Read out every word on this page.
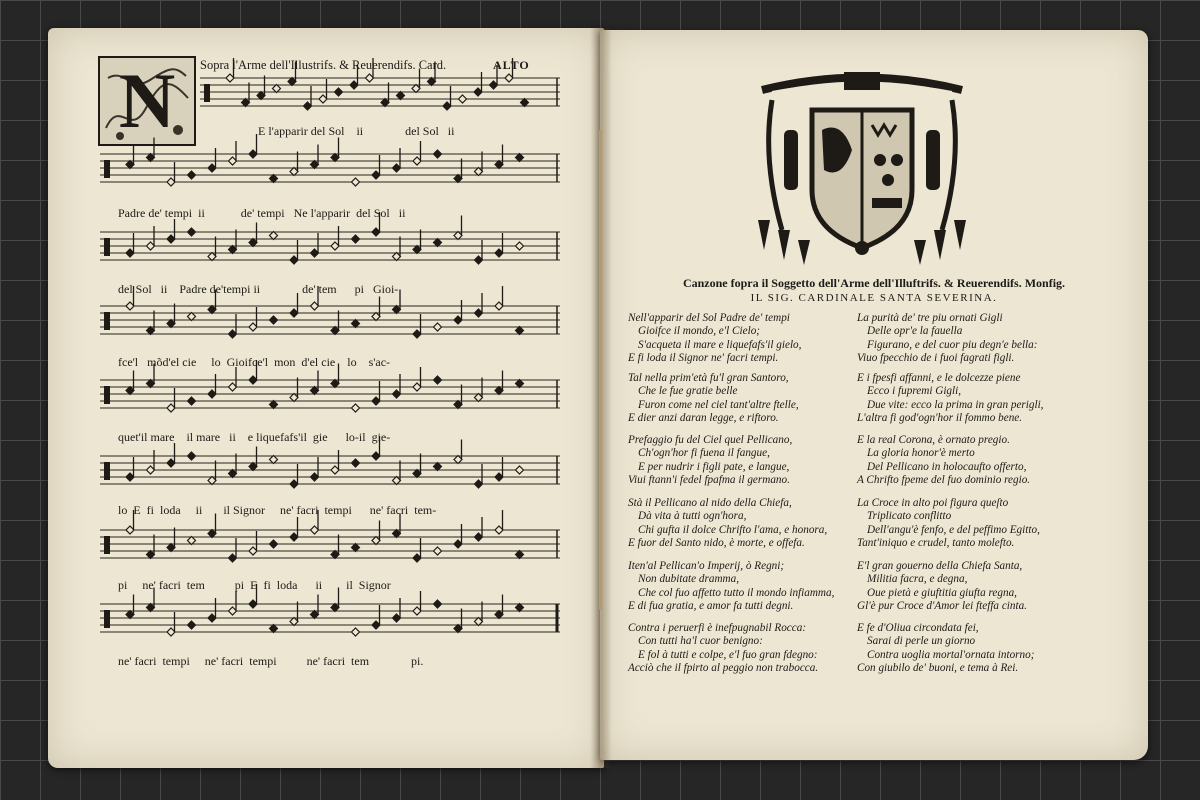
N	Sopra l'Arme dell'Illustrifs. & Reuerendifs. Card.	ALTO
E l'apparir del Sol    ii              del Sol   ii
Padre de' tempi  ii            de' tempi   Ne l'apparir  del Sol   ii
del Sol   ii    Padre de'tempi ii              de' tem      pi   Gioi-
fce'l   mõd'el cie     lo  Gioifce'l  mon  d'el cie    lo    s'ac-
quet'il mare    il mare   ii    e liquefafs'il  gie      lo-il  gie-
lo  E  fi  loda     ii       il Signor     ne' facri  tempi      ne' facri  tem-
pi     ne' facri  tem          pi  E  fi  loda      ii        il  Signor
ne' facri  tempi     ne' facri  tempi          ne' facri  tem              pi.
Canzone fopra il Soggetto dell'Arme dell'Illuftrifs. & Reuerendifs. Monfig.
IL SIG. CARDINALE SANTA SEVERINA.
Nell'apparir del Sol Padre de' tempi
Gioifce il mondo, e'l Cielo;
S'acqueta il mare e liquefafs'il gielo,
E fi loda il Signor ne' facri tempi.
Tal nella prim'età fu'l gran Santoro,
Che le fue gratie belle
Furon come nel ciel tant'altre ftelle,
E dier anzi daran legge, e riftoro.
Prefaggio fu del Ciel quel Pellicano,
Ch'ogn'hor fi fuena il fangue,
E per nudrir i figli pate, e langue,
Viui ftann'i fedel fpafma il germano.
Stà il Pellicano al nido della Chiefa,
Dà vita à tutti ogn'hora,
Chi gufta il dolce Chrifto l'ama, e honora,
E fuor del Santo nido, è morte, e offefa.
Iten'al Pellican'o Imperij, ò Regni;
Non dubitate dramma,
Che col fuo affetto tutto il mondo infiamma,
E di fua gratia, e amor fa tutti degni.
Contra i peruerfi è inefpugnabil Rocca:
Con tutti ha'l cuor benigno:
E fol à tutti e colpe, e'l fuo gran fdegno:
Acciò che il fpirto al peggio non trabocca.
La purità de' tre piu ornati Gigli
Delle opr'e la fauella
Figurano, e del cuor piu degn'e bella:
Viuo fpecchio de i fuoi fagrati figli.
E i fpesfi affanni, e le dolcezze piene
Ecco i fupremi Gigli,
Due vite: ecco la prima in gran perigli,
L'altra fi god'ogn'hor il fommo bene.
E la real Corona, è ornato pregio.
La gloria honor'è merto
Del Pellicano in holocaufto offerto,
A Chrifto fpeme del fuo dominio regio.
La Croce in alto poi figura queſto
Triplicato conflitto
Dell'angu'è fenfo, e del peffimo Egitto,
Tant'iniquo e crudel, tanto molefto.
E'l gran gouerno della Chiefa Santa,
Militia facra, e degna,
Oue pietà e giuftitia giufta regna,
Gl'è pur Croce d'Amor lei fteffa cinta.
E fe d'Oliua circondata fei,
Sarai di perle un giorno
Contra uoglia mortal'ornata intorno;
Con giubilo de' buoni, e tema à Rei.
